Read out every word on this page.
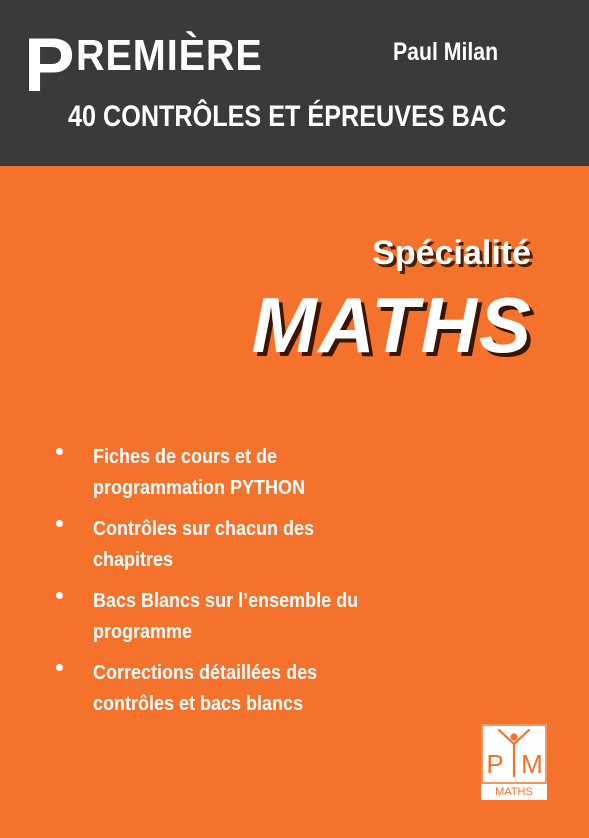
PREMIÈRE	Paul Milan
40 CONTRÔLES ET ÉPREUVES BAC
Spécialité
MATHS
Fiches de cours et de programmation PYTHON
Contrôles sur chacun des chapitres
Bacs Blancs sur l’ensemble du programme
Corrections détaillées des contrôles et bacs blancs
P M
MATHS
